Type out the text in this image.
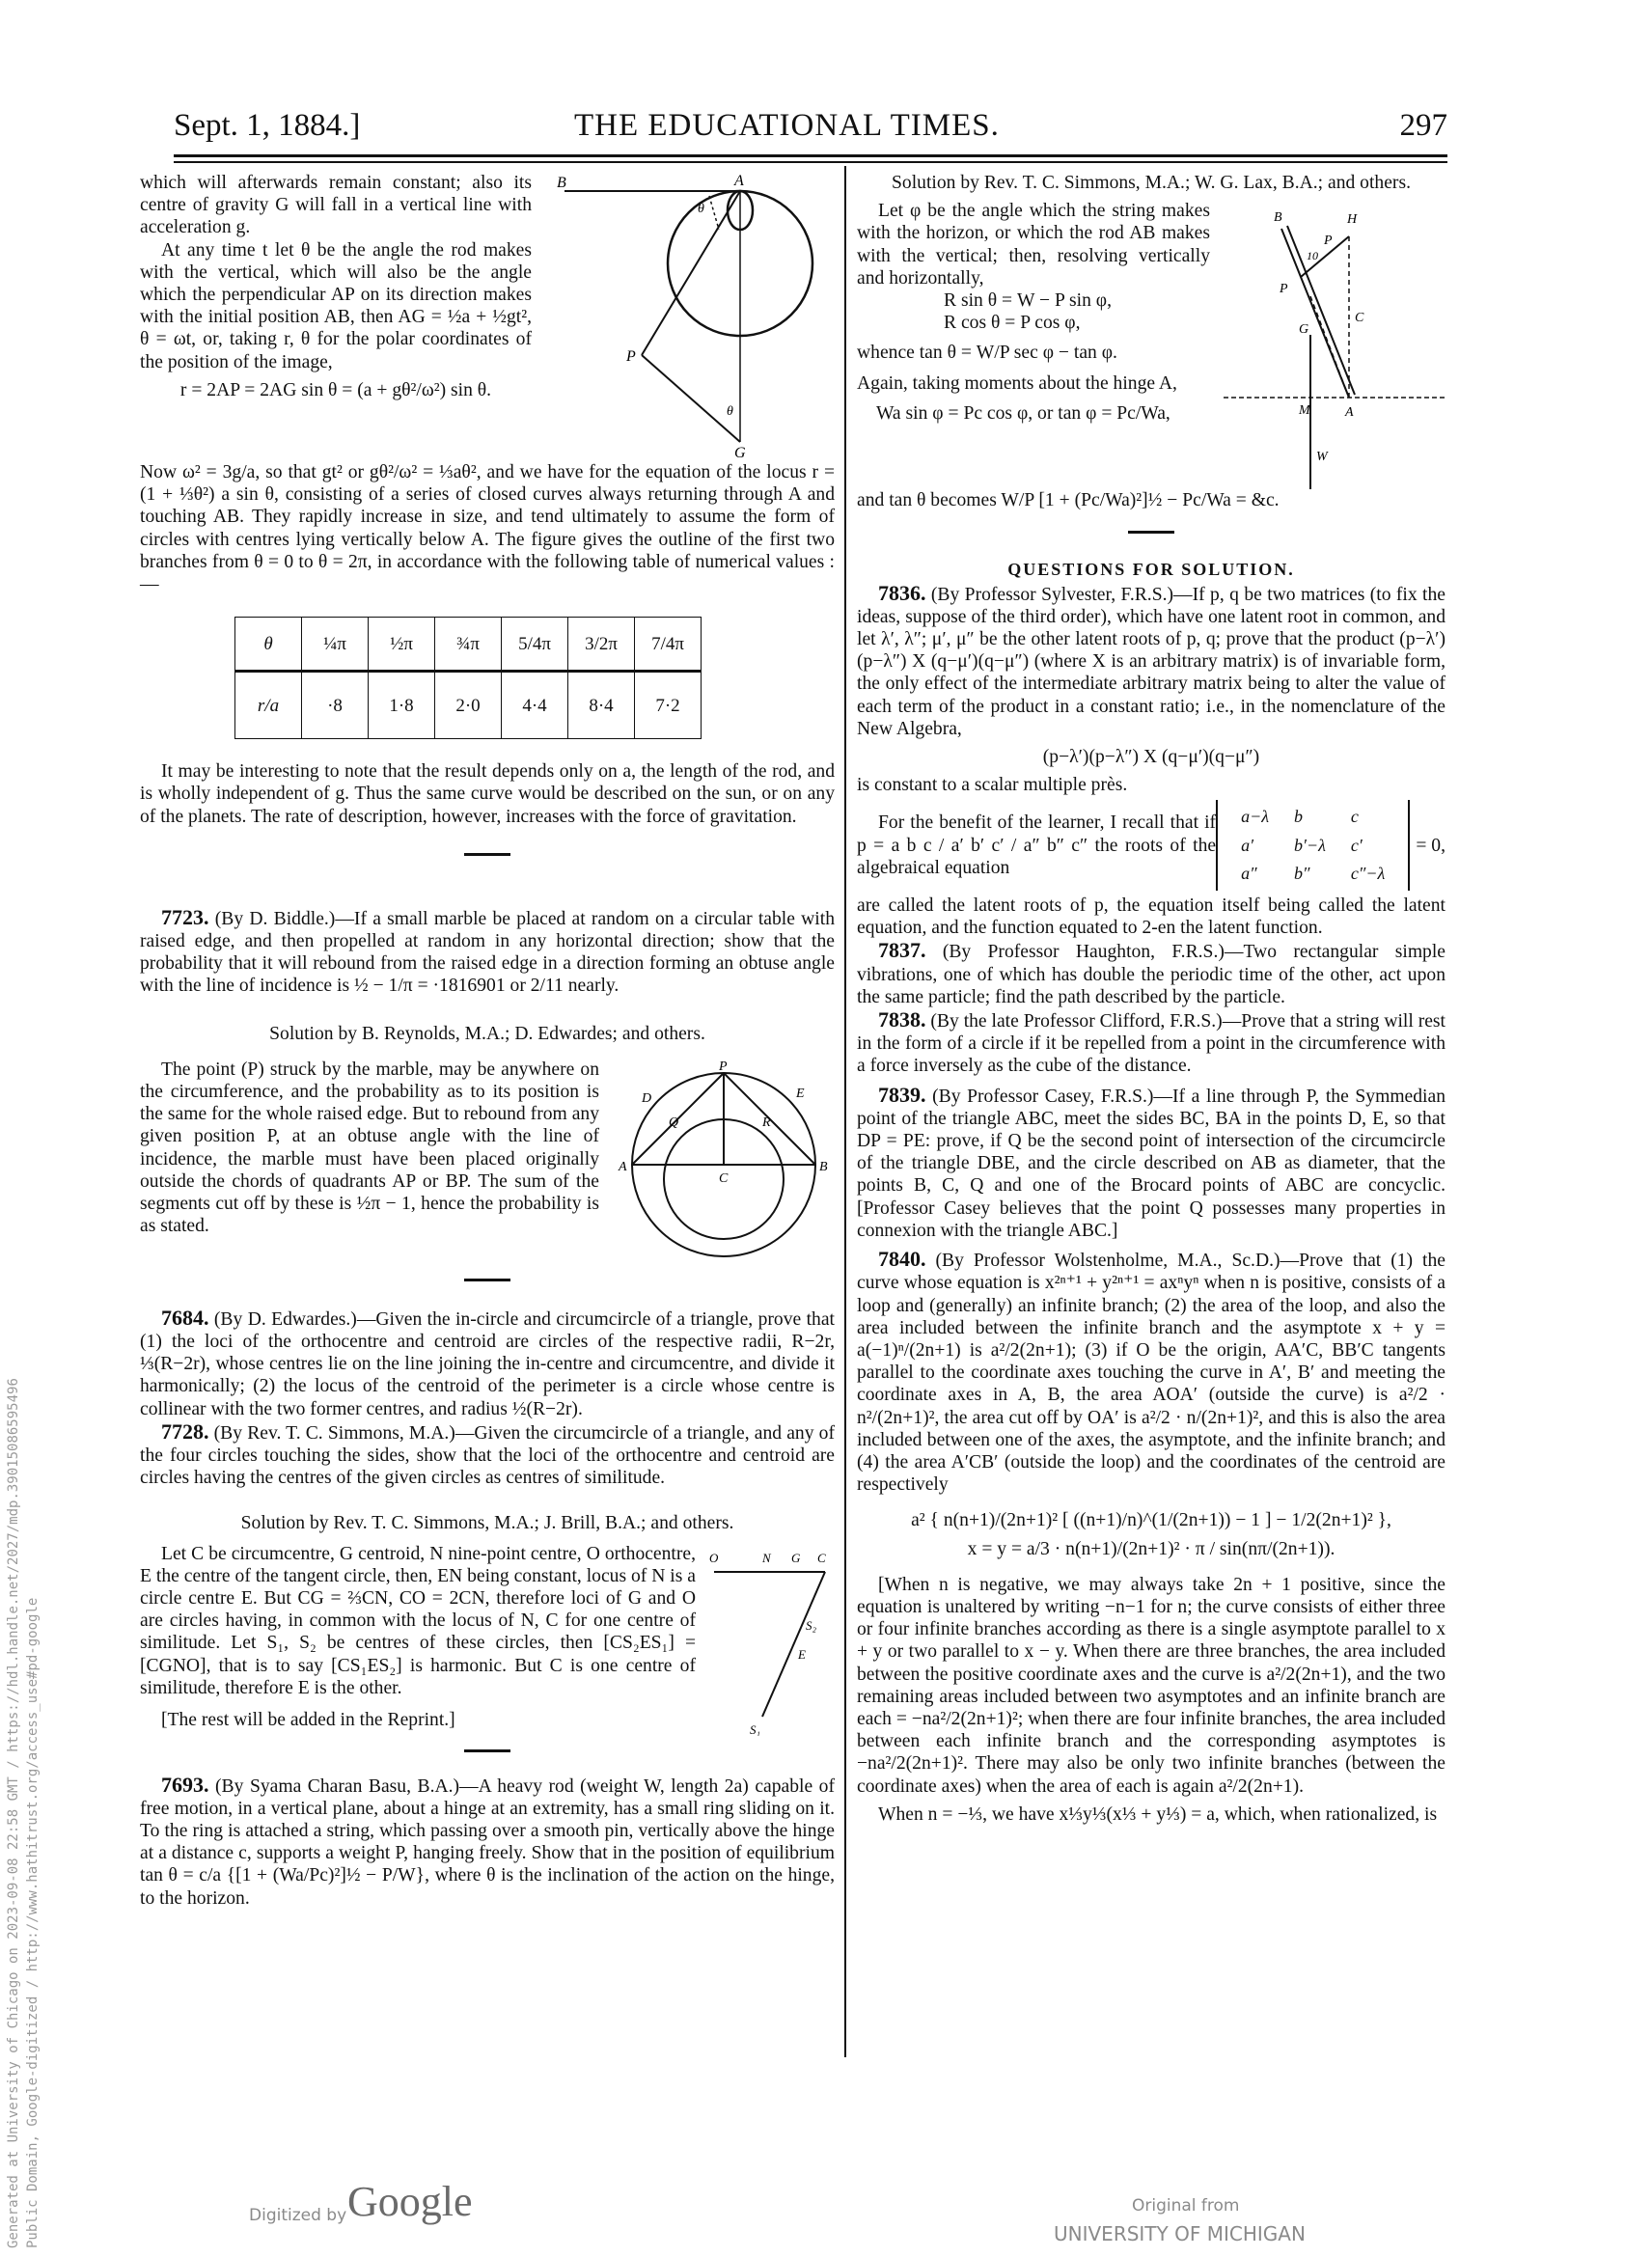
Sept. 1, 1884.]	THE EDUCATIONAL TIMES.	297
B	A
θ
P
θ
G

which will afterwards remain constant; also its centre of gravity G will fall in a vertical line with acceleration g.

At any time t let θ be the angle the rod makes with the vertical, which will also be the angle which the perpendicular AP on its direction makes with the initial position AB, then AG = ½a + ½gt², θ = ωt, or, taking r, θ for the polar coordinates of the position of the image,

r = 2AP = 2AG sin θ = (a + gθ²/ω²) sin θ.

Now ω² = 3g/a, so that gt² or gθ²/ω² = ⅓aθ², and we have for the equation of the locus r = (1 + ⅓θ²) a sin θ, consisting of a series of closed curves always returning through A and touching AB. They rapidly increase in size, and tend ultimately to assume the form of circles with centres lying vertically below A. The figure gives the outline of the first two branches from θ = 0 to θ = 2π, in accordance with the following table of numerical values :—

θ	¼π	½π	¾π	5/4π	3/2π	7/4π
r/a	·8	1·8	2·0	4·4	8·4	7·2

It may be interesting to note that the result depends only on a, the length of the rod, and is wholly independent of g. Thus the same curve would be described on the sun, or on any of the planets. The rate of description, however, increases with the force of gravitation.

7723. (By D. Biddle.)—If a small marble be placed at random on a circular table with raised edge, and then propelled at random in any horizontal direction; show that the probability that it will rebound from the raised edge in a direction forming an obtuse angle with the line of incidence is ½ − 1/π = ·1816901 or 2/11 nearly.

Solution by B. Reynolds, M.A.; D. Edwardes; and others.

P
D	E
Q	R
A
C
B

The point (P) struck by the marble, may be anywhere on the circumference, and the probability as to its position is the same for the whole raised edge. But to rebound from any given position P, at an obtuse angle with the line of incidence, the marble must have been placed originally outside the chords of quadrants AP or BP. The sum of the segments cut off by these is ½π − 1, hence the probability is as stated.

7684. (By D. Edwardes.)—Given the in-circle and circumcircle of a triangle, prove that (1) the loci of the orthocentre and centroid are circles of the respective radii, R−2r, ⅓(R−2r), whose centres lie on the line joining the in-centre and circumcentre, and divide it harmonically; (2) the locus of the centroid of the perimeter is a circle whose centre is collinear with the two former centres, and radius ½(R−2r).

7728. (By Rev. T. C. Simmons, M.A.)—Given the circumcircle of a triangle, and any of the four circles touching the sides, show that the loci of the orthocentre and centroid are circles having the centres of the given circles as centres of similitude.

Solution by Rev. T. C. Simmons, M.A.; J. Brill, B.A.; and others.

O	N G C
S₂
E
S₁

Let C be circumcentre, G centroid, N nine-point centre, O orthocentre, E the centre of the tangent circle, then, EN being constant, locus of N is a circle centre E. But CG = ⅔CN, CO = 2CN, therefore loci of G and O are circles having, in common with the locus of N, C for one centre of similitude. Let S₁, S₂ be centres of these circles, then [CS₂ES₁] = [CGNO], that is to say [CS₁ES₂] is harmonic. But C is one centre of similitude, therefore E is the other.

[The rest will be added in the Reprint.]

7693. (By Syama Charan Basu, B.A.)—A heavy rod (weight W, length 2a) capable of free motion, in a vertical plane, about a hinge at an extremity, has a small ring sliding on it. To the ring is attached a string, which passing over a smooth pin, vertically above the hinge at a distance c, supports a weight P, hanging freely. Show that in the position of equilibrium tan θ = c/a {[1 + (Wa/Pc)²]½ − P/W}, where θ is the inclination of the action on the hinge, to the horizon.

Solution by Rev. T. C. Simmons, M.A.; W. G. Lax, B.A.; and others.

B	H
P
10
P
C
G
M	A
W

Let φ be the angle which the string makes with the horizon, or which the rod AB makes with the vertical; then, resolving vertically and horizontally,

R sin θ = W − P sin φ,

R cos θ = P cos φ,

whence tan θ = W/P sec φ − tan φ.

Again, taking moments about the hinge A,

Wa sin φ = Pc cos φ, or tan φ = Pc/Wa,

and tan θ becomes W/P [1 + (Pc/Wa)²]½ − Pc/Wa = &c.

QUESTIONS FOR SOLUTION.

7836. (By Professor Sylvester, F.R.S.)—If p, q be two matrices (to fix the ideas, suppose of the third order), which have one latent root in common, and let λ′, λ″; μ′, μ″ be the other latent roots of p, q; prove that the product (p−λ′)(p−λ″) X (q−μ′)(q−μ″) (where X is an arbitrary matrix) is of invariable form, the only effect of the intermediate arbitrary matrix being to alter the value of each term of the product in a constant ratio; i.e., in the nomenclature of the New Algebra,

(p−λ′)(p−λ″) X (q−μ′)(q−μ″)

is constant to a scalar multiple près.

For the benefit of the learner, I recall that if p = a b c / a′ b′ c′ / a″ b″ c″ the roots of the algebraical equation

a−λ	b	c
a′	b′−λ	c′
a″	b″	c″−λ
= 0,

are called the latent roots of p, the equation itself being called the latent equation, and the function equated to 2-en the latent function.

7837. (By Professor Haughton, F.R.S.)—Two rectangular simple vibrations, one of which has double the periodic time of the other, act upon the same particle; find the path described by the particle.

7838. (By the late Professor Clifford, F.R.S.)—Prove that a string will rest in the form of a circle if it be repelled from a point in the circumference with a force inversely as the cube of the distance.

7839. (By Professor Casey, F.R.S.)—If a line through P, the Symmedian point of the triangle ABC, meet the sides BC, BA in the points D, E, so that DP = PE: prove, if Q be the second point of intersection of the circumcircle of the triangle DBE, and the circle described on AB as diameter, that the points B, C, Q and one of the Brocard points of ABC are concyclic. [Professor Casey believes that the point Q possesses many properties in connexion with the triangle ABC.]

7840. (By Professor Wolstenholme, M.A., Sc.D.)—Prove that (1) the curve whose equation is x²ⁿ⁺¹ + y²ⁿ⁺¹ = axⁿyⁿ when n is positive, consists of a loop and (generally) an infinite branch; (2) the area of the loop, and also the area included between the infinite branch and the asymptote x + y = a(−1)ⁿ/(2n+1) is a²/2(2n+1); (3) if O be the origin, AA′C, BB′C tangents parallel to the coordinate axes touching the curve in A′, B′ and meeting the coordinate axes in A, B, the area AOA′ (outside the curve) is a²/2 · n²/(2n+1)², the area cut off by OA′ is a²/2 · n/(2n+1)², and this is also the area included between one of the axes, the asymptote, and the infinite branch; and (4) the area A′CB′ (outside the loop) and the coordinates of the centroid are respectively

a² { n(n+1)/(2n+1)² [ ((n+1)/n)^(1/(2n+1)) − 1 ] − 1/2(2n+1)² },

x = y = a/3 · n(n+1)/(2n+1)² · π / sin(nπ/(2n+1)).

[When n is negative, we may always take 2n + 1 positive, since the equation is unaltered by writing −n−1 for n; the curve consists of either three or four infinite branches according as there is a single asymptote parallel to x + y or two parallel to x − y. When there are three branches, the area included between the positive coordinate axes and the curve is a²/2(2n+1), and the two remaining areas included between two asymptotes and an infinite branch are each = −na²/2(2n+1)²; when there are four infinite branches, the area included between each infinite branch and the corresponding asymptotes is −na²/2(2n+1)². There may also be only two infinite branches (between the coordinate axes) when the area of each is again a²/2(2n+1).

When n = −⅓, we have x⅓y⅓(x⅓ + y⅓) = a, which, when rationalized, is

Generated at University of Chicago on 2023-09-08 22:58 GMT / https://hdl.handle.net/2027/mdp.39015086595496 Public Domain, Google-digitized / http://www.hathitrust.org/access_use#pd-google	Digitized by Google	Original from
UNIVERSITY OF MICHIGAN
